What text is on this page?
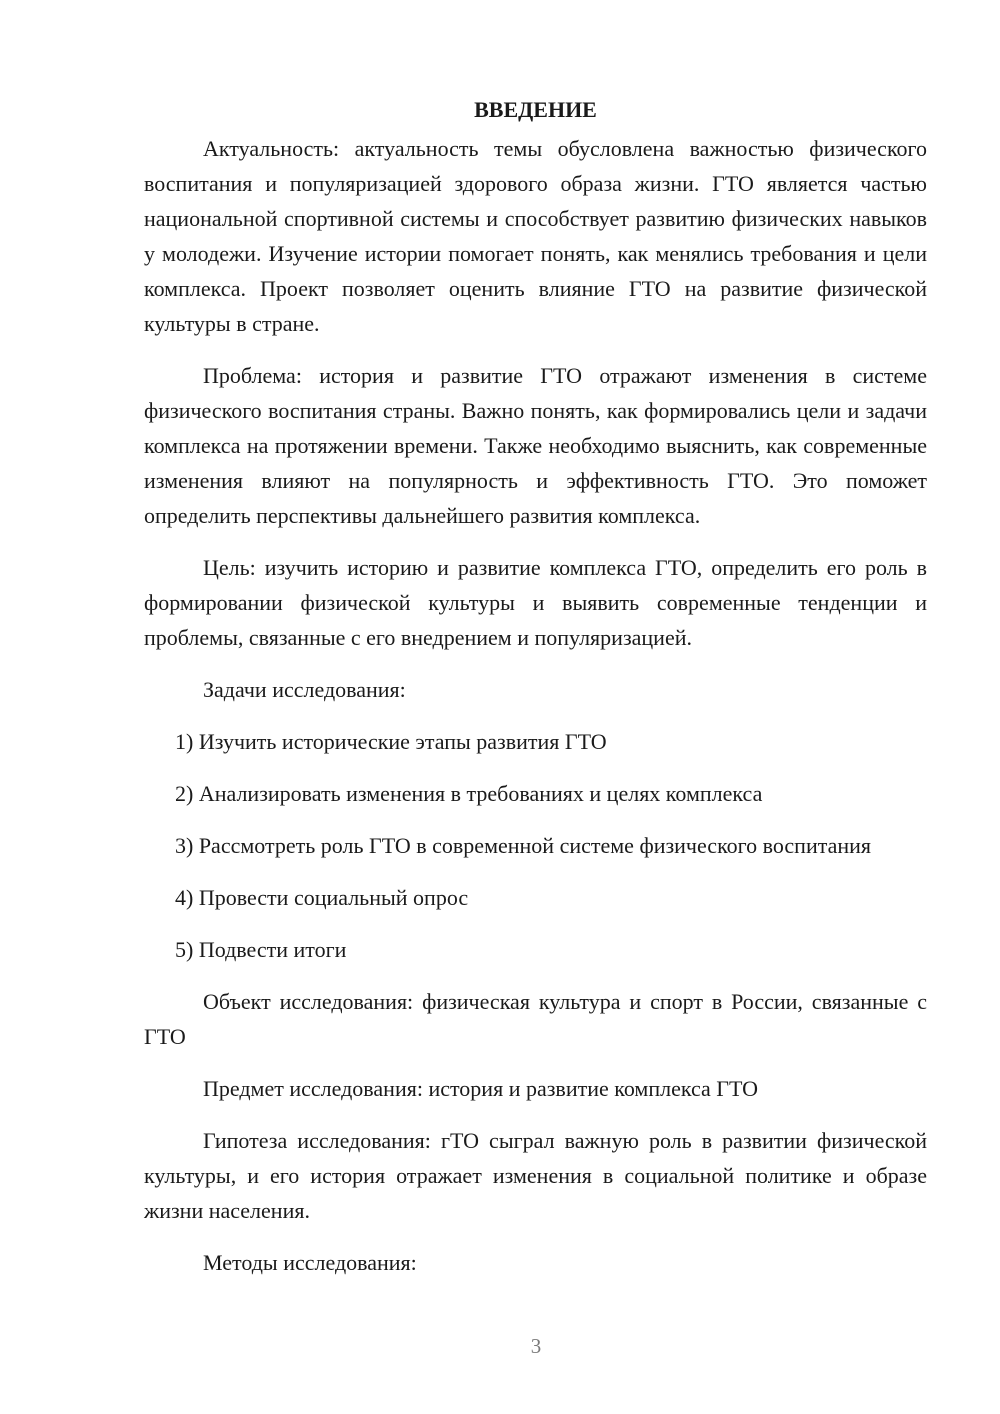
ВВЕДЕНИЕ

Актуальность: актуальность темы обусловлена важностью физического воспитания и популяризацией здорового образа жизни. ГТО является частью национальной спортивной системы и способствует развитию физических навыков у молодежи. Изучение истории помогает понять, как менялись требования и цели комплекса. Проект позволяет оценить влияние ГТО на развитие физической культуры в стране.

Проблема: история и развитие ГТО отражают изменения в системе физического воспитания страны. Важно понять, как формировались цели и задачи комплекса на протяжении времени. Также необходимо выяснить, как современные изменения влияют на популярность и эффективность ГТО. Это поможет определить перспективы дальнейшего развития комплекса.

Цель: изучить историю и развитие комплекса ГТО, определить его роль в формировании физической культуры и выявить современные тенденции и проблемы, связанные с его внедрением и популяризацией.

Задачи исследования:

1) Изучить исторические этапы развития ГТО

2) Анализировать изменения в требованиях и целях комплекса

3) Рассмотреть роль ГТО в современной системе физического воспитания

4) Провести социальный опрос

5) Подвести итоги

Объект исследования: физическая культура и спорт в России, связанные с ГТО

Предмет исследования: история и развитие комплекса ГТО

Гипотеза исследования: гТО сыграл важную роль в развитии физической культуры, и его история отражает изменения в социальной политике и образе жизни населения.

Методы исследования:

3
